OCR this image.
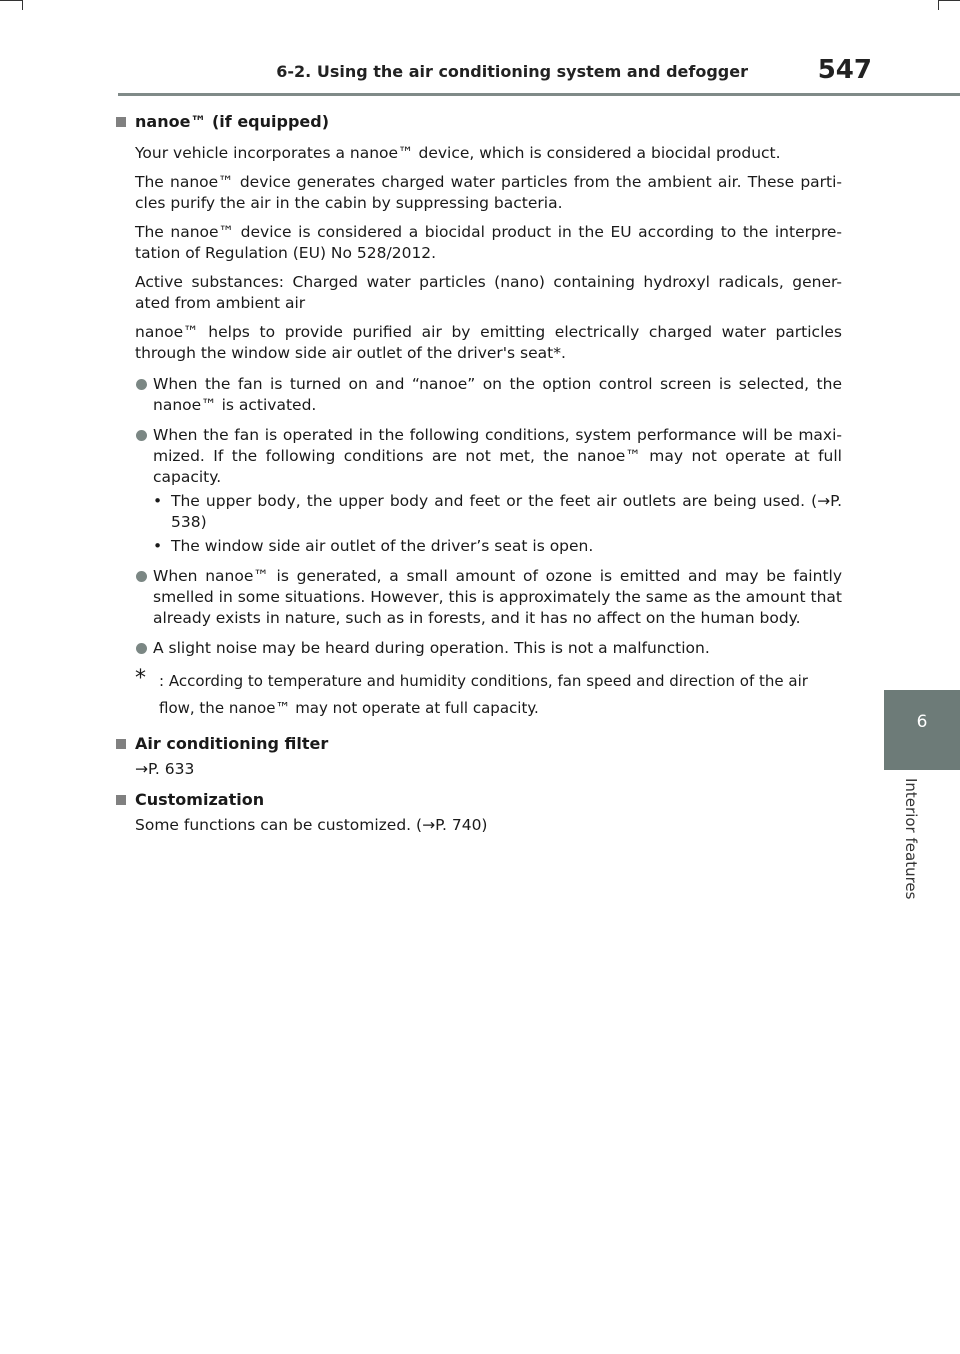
6-2. Using the air conditioning system and defogger	547
6
Interior features
nanoe™ (if equipped)

Your vehicle incorporates a nanoe™ device, which is considered a biocidal product.

The nanoe™ device generates charged water particles from the ambient air. These parti-cles purify the air in the cabin by suppressing bacteria.

The nanoe™ device is considered a biocidal product in the EU according to the interpre-tation of Regulation (EU) No 528/2012.

Active substances: Charged water particles (nano) containing hydroxyl radicals, gener-ated from ambient air

nanoe™ helps to provide purified air by emitting electrically charged water particles through the window side air outlet of the driver's seat*.

When the fan is turned on and “nanoe” on the option control screen is selected, the nanoe™ is activated.
When the fan is operated in the following conditions, system performance will be maxi-mized. If the following conditions are not met, the nanoe™ may not operate at full capacity.
• The upper body, the upper body and feet or the feet air outlets are being used. (→P. 538)
• The window side air outlet of the driver’s seat is open.
When nanoe™ is generated, a small amount of ozone is emitted and may be faintly smelled in some situations. However, this is approximately the same as the amount that already exists in nature, such as in forests, and it has no affect on the human body.
A slight noise may be heard during operation. This is not a malfunction.
* : According to temperature and humidity conditions, fan speed and direction of the air flow, the nanoe™ may not operate at full capacity.
Air conditioning filter

→P. 633

Customization

Some functions can be customized. (→P. 740)
